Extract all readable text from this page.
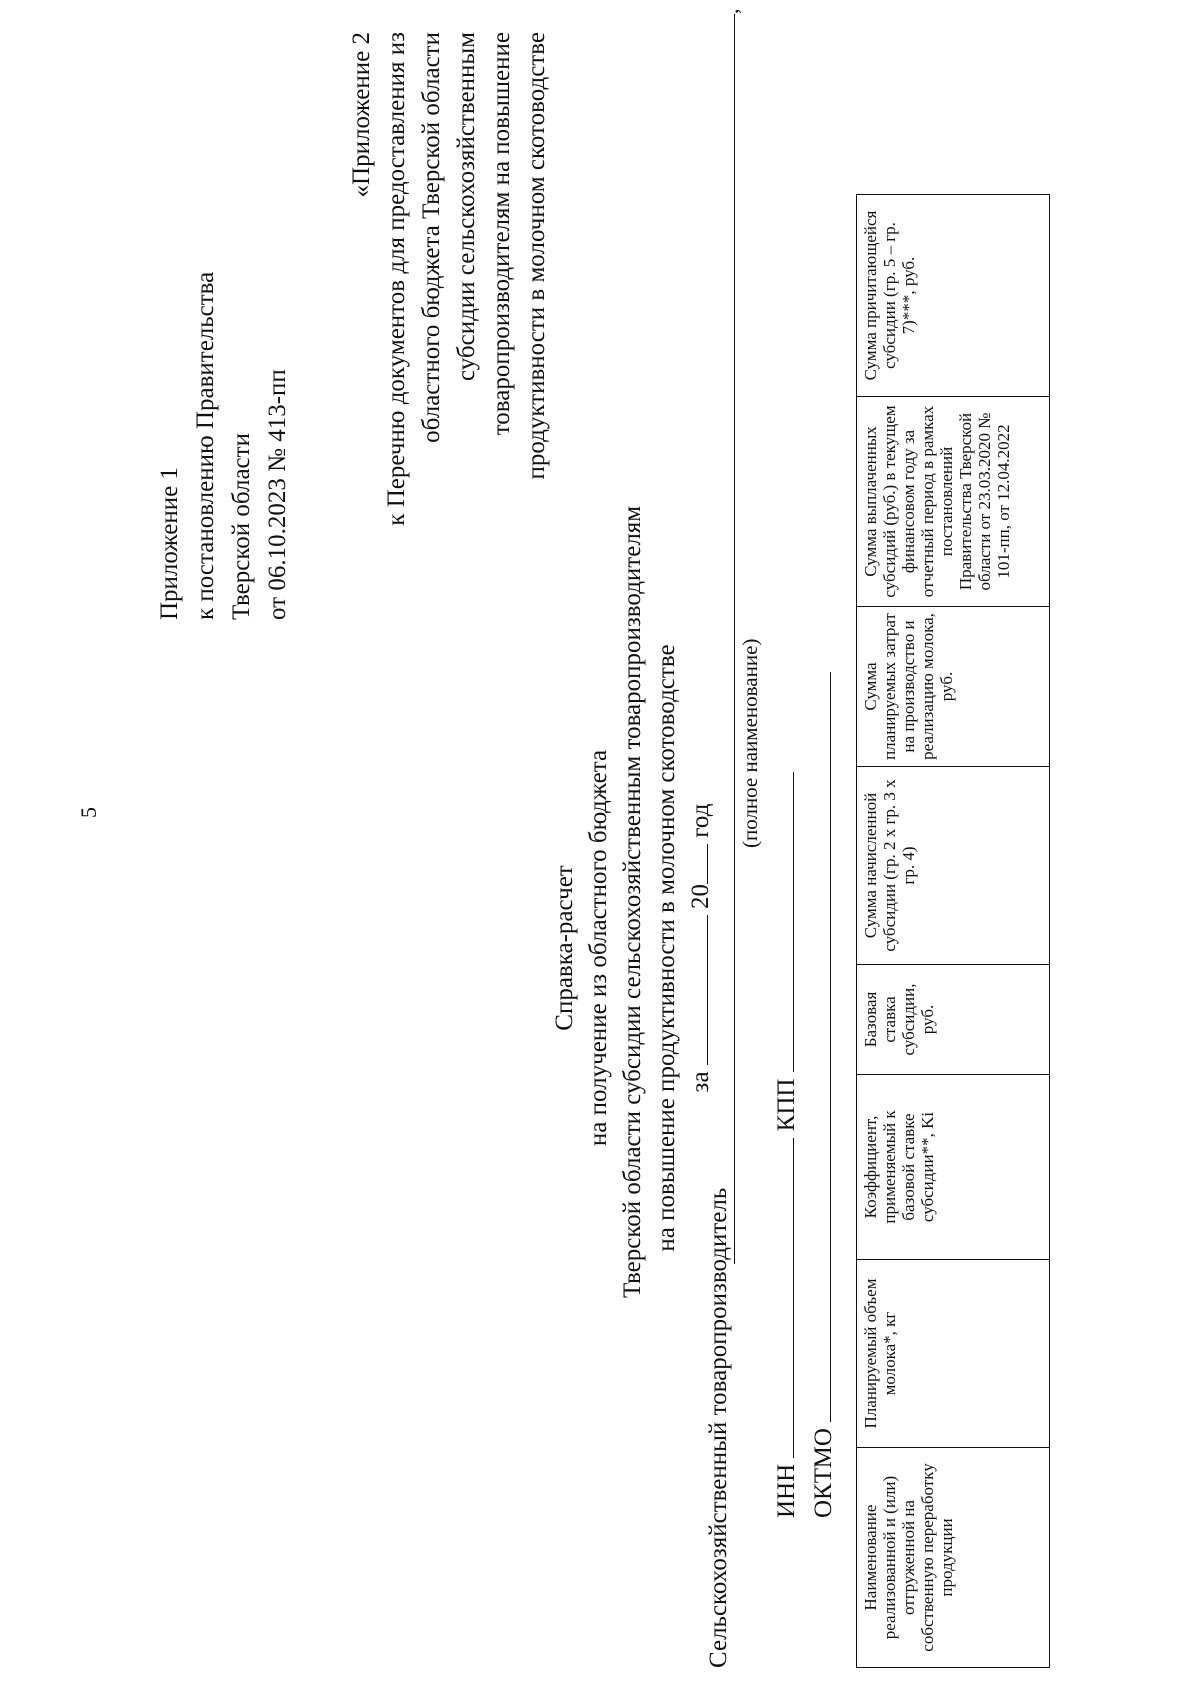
5
Приложение 1 к постановлению Правительства Тверской области от 06.10.2023 № 413-пп
«Приложение 2 к Перечню документов для предоставления из областного бюджета Тверской области субсидии сельскохозяйственным товаропроизводителям на повышение продуктивности в молочном скотоводстве
Справка-расчет на получение из областного бюджета Тверской области субсидии сельскохозяйственным товаропроизводителям на повышение продуктивности в молочном скотоводстве за  20 год
Сельскохозяйственный товаропроизводитель
,
(полное наименование)
ИНН  КПП
ОКТМО
Наименование реализованной и (или) отгруженной на собственную переработку продукции	Планируемый объем молока*, кг	Коэффициент, применяемый к базовой ставке субсидии**, Ki	Базовая ставка субсидии, руб.	Сумма начисленной субсидии (гр. 2 х гр. 3 х гр. 4)	Сумма планируемых затрат на производство и реализацию молока, руб.	Сумма выплаченных субсидий (руб.) в текущем финансовом году за отчетный период в рамках постановлений Правительства Тверской области от 23.03.2020 № 101-пп, от 12.04.2022	Сумма причитающейся субсидии (гр. 5 – гр. 7)***, руб.
